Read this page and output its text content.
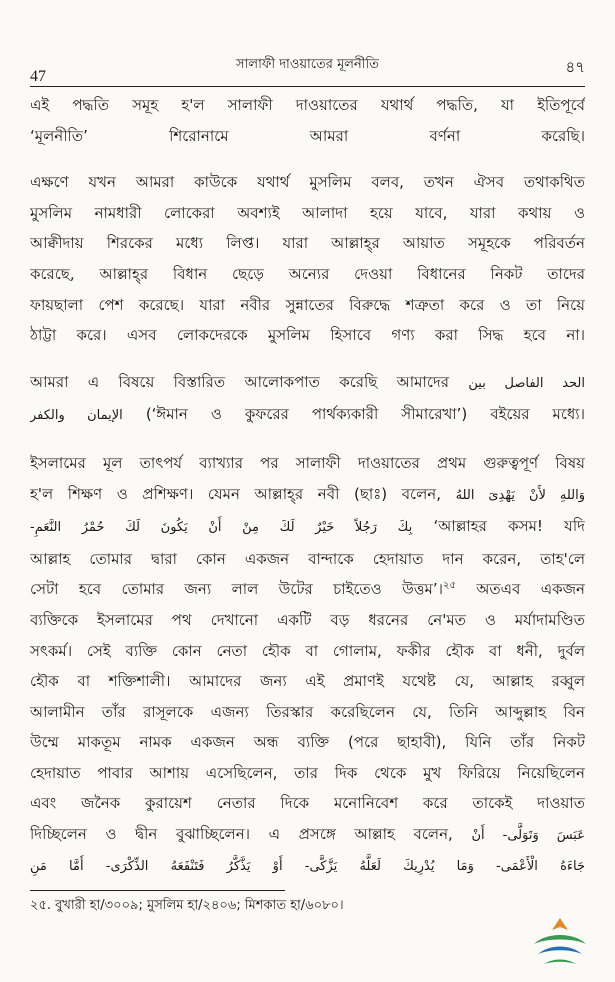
47
সালাফী দাওয়াতের মূলনীতি	৪৭
এই পদ্ধতি সমূহ হ'ল সালাফী দাওয়াতের যথার্থ পদ্ধতি, যা ইতিপূর্বে
‘মূলনীতি’ শিরোনামে আমরা বর্ণনা করেছি।
এক্ষণে যখন আমরা কাউকে যথার্থ মুসলিম বলব, তখন ঐসব তথাকথিত
মুসলিম নামধারী লোকেরা অবশ্যই আলাদা হয়ে যাবে, যারা কথায় ও
আক্বীদায় শিরকের মধ্যে লিপ্ত। যারা আল্লাহ্‌র আয়াত সমূহকে পরিবর্তন
করেছে, আল্লাহ্‌র বিধান ছেড়ে অন্যের দেওয়া বিধানের নিকট তাদের
ফায়ছালা পেশ করেছে। যারা নবীর সুন্নাতের বিরুদ্ধে শত্রুতা করে ও তা নিয়ে
ঠাট্টা করে। এসব লোকদেরকে মুসলিম হিসাবে গণ্য করা সিদ্ধ হবে না।
আমরা এ বিষয়ে বিস্তারিত আলোকপাত করেছি আমাদের الحد الفاصل بين
الإيمان والكفر (‘ঈমান ও কুফরের পার্থক্যকারী সীমারেখা’) বইয়ের মধ্যে।
ইসলামের মূল তাৎপর্য ব্যাখ্যার পর সালাফী দাওয়াতের প্রথম গুরুত্বপূর্ণ বিষয়
হ'ল শিক্ষণ ও প্রশিক্ষণ। যেমন আল্লাহ্‌র নবী (ছাঃ) বলেন, وَاللهِ لأَنْ يَهْدِىَ اللهُ
بِكَ رَجُلاً خَيْرٌ لَكَ مِنْ أَنْ يَكُونَ لَكَ حُمْرُ النَّعَمِ- ‘আল্লাহর কসম! যদি
আল্লাহ তোমার দ্বারা কোন একজন বান্দাকে হেদায়াত দান করেন, তাহ'লে
সেটা হবে তোমার জন্য লাল উটের চাইতেও উত্তম’।$^{২৫}$ অতএব একজন
ব্যক্তিকে ইসলামের পথ দেখানো একটি বড় ধরনের নে'মত ও মর্যাদামণ্ডিত
সৎকর্ম। সেই ব্যক্তি কোন নেতা হৌক বা গোলাম, ফকীর হৌক বা ধনী, দুর্বল
হৌক বা শক্তিশালী। আমাদের জন্য এই প্রমাণই যথেষ্ট যে, আল্লাহ রব্বুল
আলামীন তাঁর রাসূলকে এজন্য তিরস্কার করেছিলেন যে, তিনি আব্দুল্লাহ বিন
উম্মে মাকতূম নামক একজন অন্ধ ব্যক্তি (পরে ছাহাবী), যিনি তাঁর নিকট
হেদায়াত পাবার আশায় এসেছিলেন, তার দিক থেকে মুখ ফিরিয়ে নিয়েছিলেন
এবং জনৈক কুরায়েশ নেতার দিকে মনোনিবেশ করে তাকেই দাওয়াত
দিচ্ছিলেন ও দ্বীন বুঝাচ্ছিলেন। এ প্রসঙ্গে আল্লাহ বলেন, عَبَسَ وَتَوَلَّى- أَنْ
جَاءَهُ الْأَعْمَى- وَمَا يُدْرِيكَ لَعَلَّهُ يَزَّكَّى- أَوْ يَذَّكَّرُ فَتَنْفَعَهُ الذِّكْرَى- أَمَّا مَنِ
২৫. বুখারী হা/৩০০৯; মুসলিম হা/২৪০৬; মিশকাত হা/৬০৮০।
